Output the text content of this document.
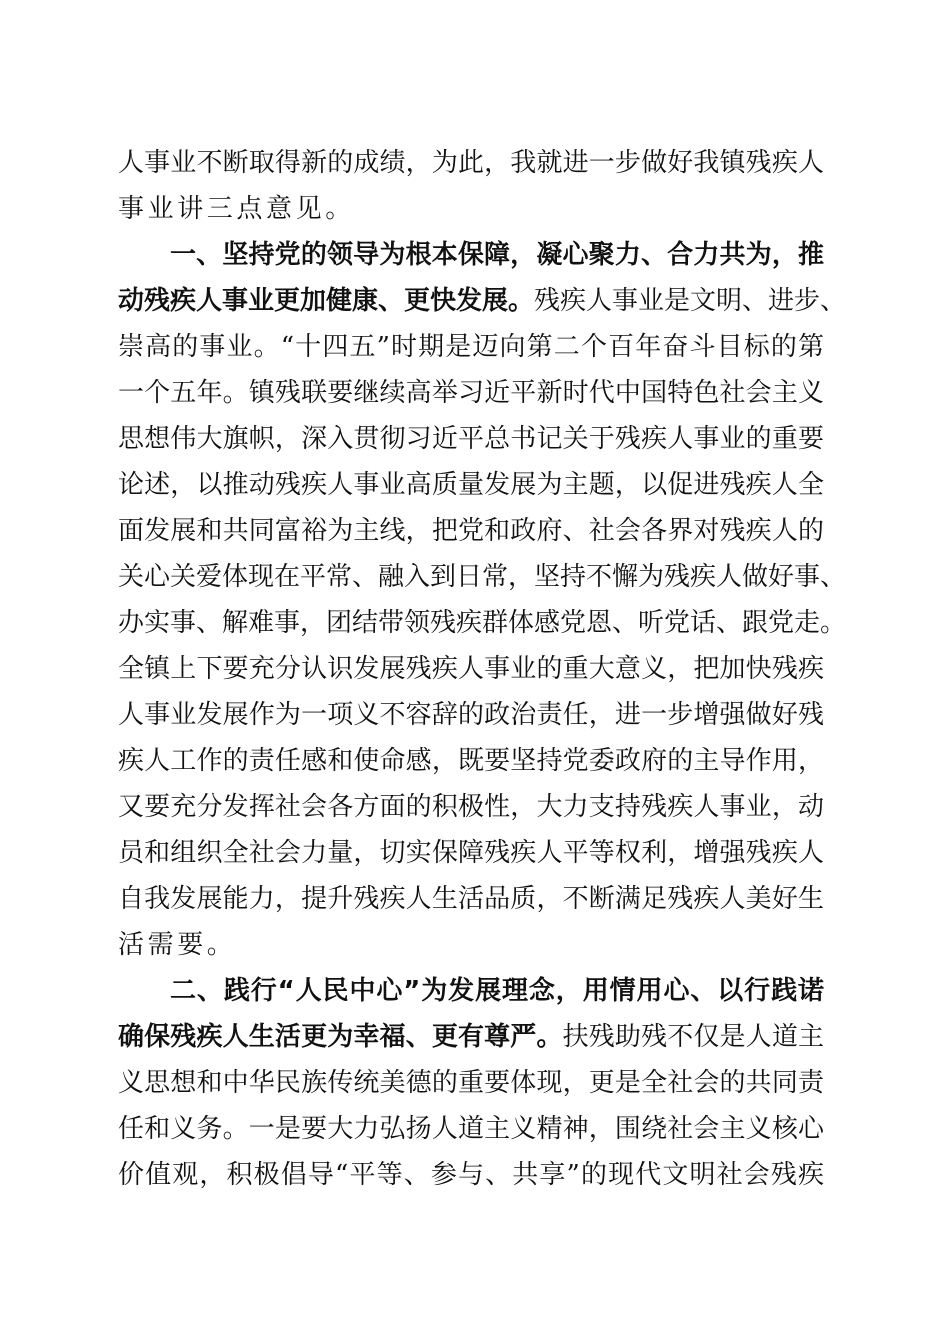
人事业不断取得新的成绩，为此，我就进一步做好我镇残疾人
事业讲三点意见。
一、坚持党的领导为根本保障，凝心聚力、合力共为，推
动残疾人事业更加健康、更快发展。残疾人事业是文明、进步、
崇高的事业。“十四五”时期是迈向第二个百年奋斗目标的第
一个五年。镇残联要继续高举习近平新时代中国特色社会主义
思想伟大旗帜，深入贯彻习近平总书记关于残疾人事业的重要
论述，以推动残疾人事业高质量发展为主题，以促进残疾人全
面发展和共同富裕为主线，把党和政府、社会各界对残疾人的
关心关爱体现在平常、融入到日常，坚持不懈为残疾人做好事、
办实事、解难事，团结带领残疾群体感党恩、听党话、跟党走。
全镇上下要充分认识发展残疾人事业的重大意义，把加快残疾
人事业发展作为一项义不容辞的政治责任，进一步增强做好残
疾人工作的责任感和使命感，既要坚持党委政府的主导作用，
又要充分发挥社会各方面的积极性，大力支持残疾人事业，动
员和组织全社会力量，切实保障残疾人平等权利，增强残疾人
自我发展能力，提升残疾人生活品质，不断满足残疾人美好生
活需要。
二、践行“人民中心”为发展理念，用情用心、以行践诺
确保残疾人生活更为幸福、更有尊严。扶残助残不仅是人道主
义思想和中华民族传统美德的重要体现，更是全社会的共同责
任和义务。一是要大力弘扬人道主义精神，围绕社会主义核心
价值观，积极倡导“平等、参与、共享”的现代文明社会残疾
